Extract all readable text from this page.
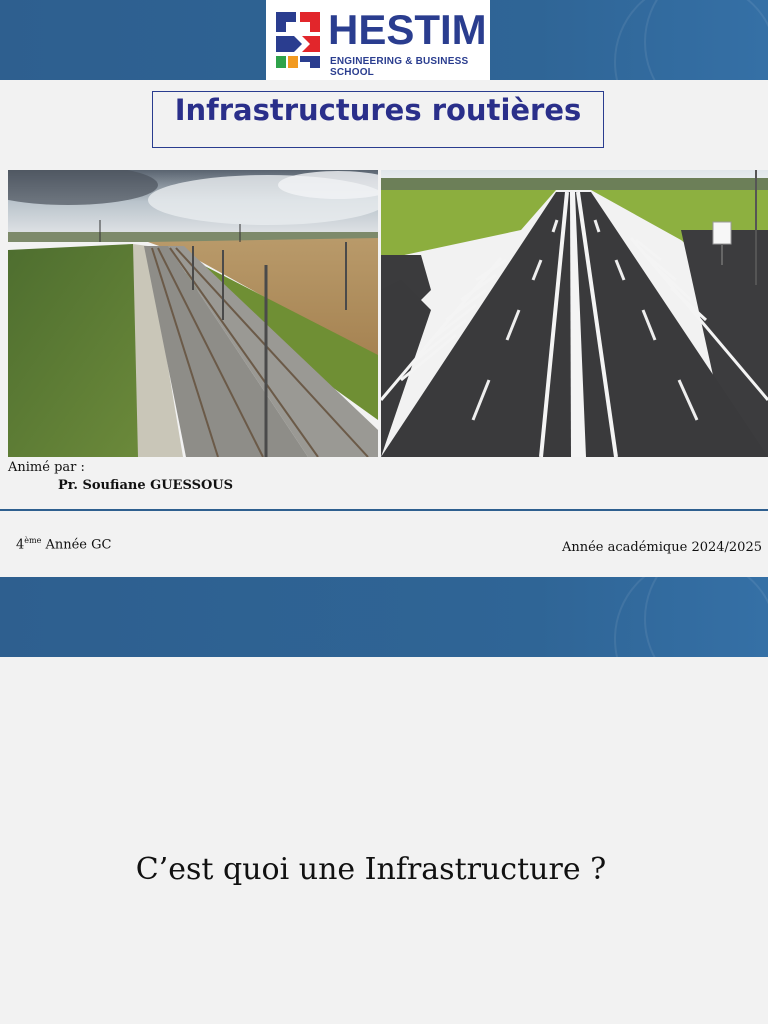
HESTIM
ENGINEERING & BUSINESS SCHOOL
Infrastructures routières
Animé par :
Pr. Soufiane GUESSOUS
4ème Année GC	Année académique 2024/2025
C’est quoi une Infrastructure ?
